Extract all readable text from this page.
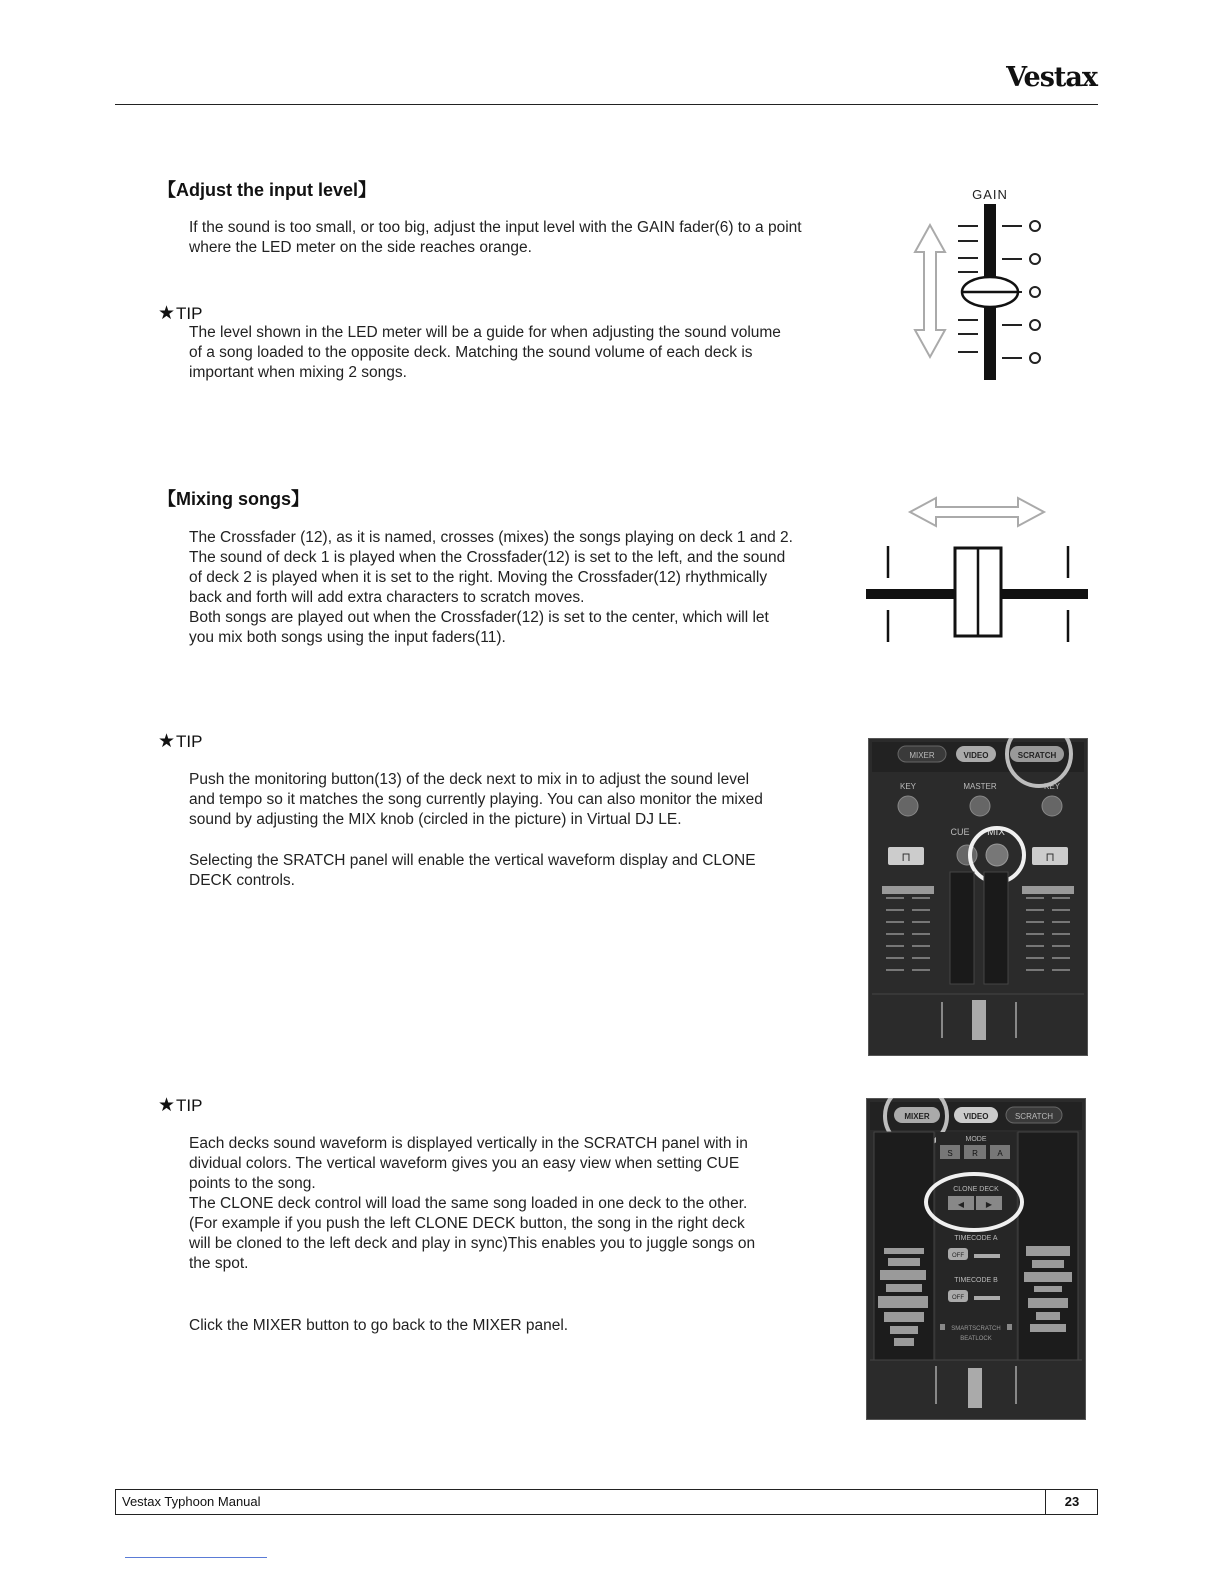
Vestax
【Adjust the input level】
If the sound is too small, or too big, adjust the input level with the GAIN fader(6) to a point
where the LED meter on the side reaches orange.
★TIP
The level shown in the LED meter will be a guide for when adjusting the sound volume
of a song loaded to the opposite deck. Matching the sound volume of each deck is
important when mixing 2 songs.
GAIN
【Mixing songs】
The Crossfader (12), as it is named, crosses (mixes) the songs playing on deck 1 and 2.
The sound of deck 1 is played when the Crossfader(12) is set to the left, and the sound
of deck 2 is played when it is set to the right. Moving the Crossfader(12) rhythmically
back and forth will add extra characters to scratch moves.
Both songs are played out when the Crossfader(12) is set to the center, which will let
you mix both songs using the input faders(11).
★TIP
Push the monitoring button(13) of the deck next to mix in to adjust the sound level
and tempo so it matches the song currently playing. You can also monitor the mixed
sound by adjusting the MIX knob (circled in the picture) in Virtual DJ LE.
Selecting the SRATCH panel will enable the vertical waveform display and CLONE
DECK controls.
MIXER	VIDEO	SCRATCH
KEY	MASTER	KEY
CUE MIX
⊓	⊓
★TIP
Each decks sound waveform is displayed vertically in the SCRATCH panel with in
dividual colors. The vertical waveform gives you an easy view when setting CUE
points to the song.
The CLONE deck control will load the same song loaded in one deck to the other.
(For example if you push the left CLONE DECK button, the song in the right deck
will be cloned to the left deck and play in sync)This enables you to juggle songs on
the spot.
Click the MIXER button to go back to the MIXER panel.
MIXER	VIDEO	SCRATCH
MODE
S R A
CLONE DECK
◀	▶
TIMECODE A
OFF
TIMECODE B
OFF
SMARTSCRATCH
BEATLOCK
Vestax Typhoon Manual	23
